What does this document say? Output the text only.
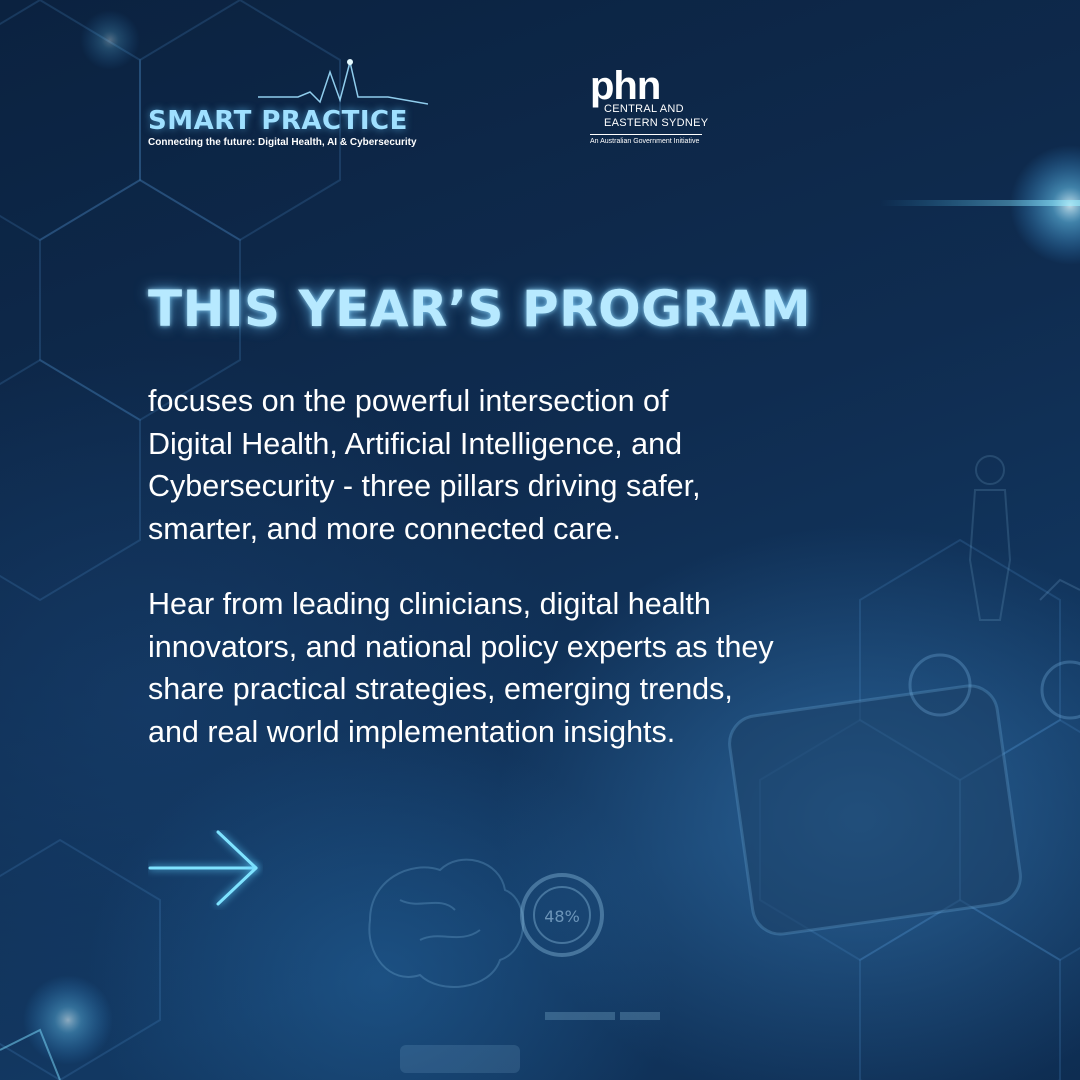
48%
SMART PRACTICE
Connecting the future: Digital Health, AI & Cybersecurity
phn
CENTRAL AND
EASTERN SYDNEY
An Australian Government Initiative
THIS YEAR’S PROGRAM

focuses on the powerful intersection of
Digital Health, Artificial Intelligence, and
Cybersecurity - three pillars driving safer,
smarter, and more connected care.

Hear from leading clinicians, digital health
innovators, and national policy experts as they
share practical strategies, emerging trends,
and real world implementation insights.
